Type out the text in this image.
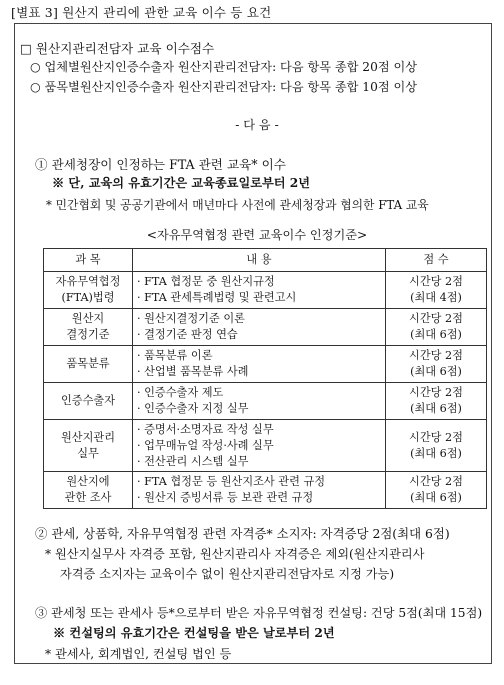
[별표 3] 원산지 관리에 관한 교육 이수 등 요건
□ 원산지관리전담자 교육 이수점수
○ 업체별원산지인증수출자 원산지관리전담자: 다음 항목 종합 20점 이상
○ 품목별원산지인증수출자 원산지관리전담자: 다음 항목 종합 10점 이상
- 다 음 -
① 관세청장이 인정하는 FTA 관련 교육* 이수
※ 단, 교육의 유효기간은 교육종료일로부터 2년
* 민간협회 및 공공기관에서 매년마다 사전에 관세청장과 협의한 FTA 교육
<자유무역협정 관련 교육이수 인정기준>
과 목	내 용	점 수

자유무역협정
(FTA)법령	· FTA 협정문 중 원산지규정
· FTA 관세특례법령 및 관련고시	시간당 2점
(최대 4점)

원산지
결정기준	· 원산지결정기준 이론
· 결정기준 판정 연습	시간당 2점
(최대 6점)

품목분류	· 품목분류 이론
· 산업별 품목분류 사례	시간당 2점
(최대 6점)

인증수출자	· 인증수출자 제도
· 인증수출자 지정 실무	시간당 2점
(최대 6점)

원산지관리
실무	· 증명서·소명자료 작성 실무
· 업무매뉴얼 작성·사례 실무
· 전산관리 시스템 실무	시간당 2점
(최대 6점)

원산지에
관한 조사	· FTA 협정문 등 원산지조사 관련 규정
· 원산지 증빙서류 등 보관 관련 규정	시간당 2점
(최대 6점)
② 관세, 상품학, 자유무역협정 관련 자격증* 소지자: 자격증당 2점(최대 6점)
* 원산지실무사 자격증 포함, 원산지관리사 자격증은 제외(원산지관리사
자격증 소지자는 교육이수 없이 원산지관리전담자로 지정 가능)
③ 관세청 또는 관세사 등*으로부터 받은 자유무역협정 컨설팅: 건당 5점(최대 15점)
※ 컨설팅의 유효기간은 컨설팅을 받은 날로부터 2년
* 관세사, 회계법인, 컨설팅 법인 등
